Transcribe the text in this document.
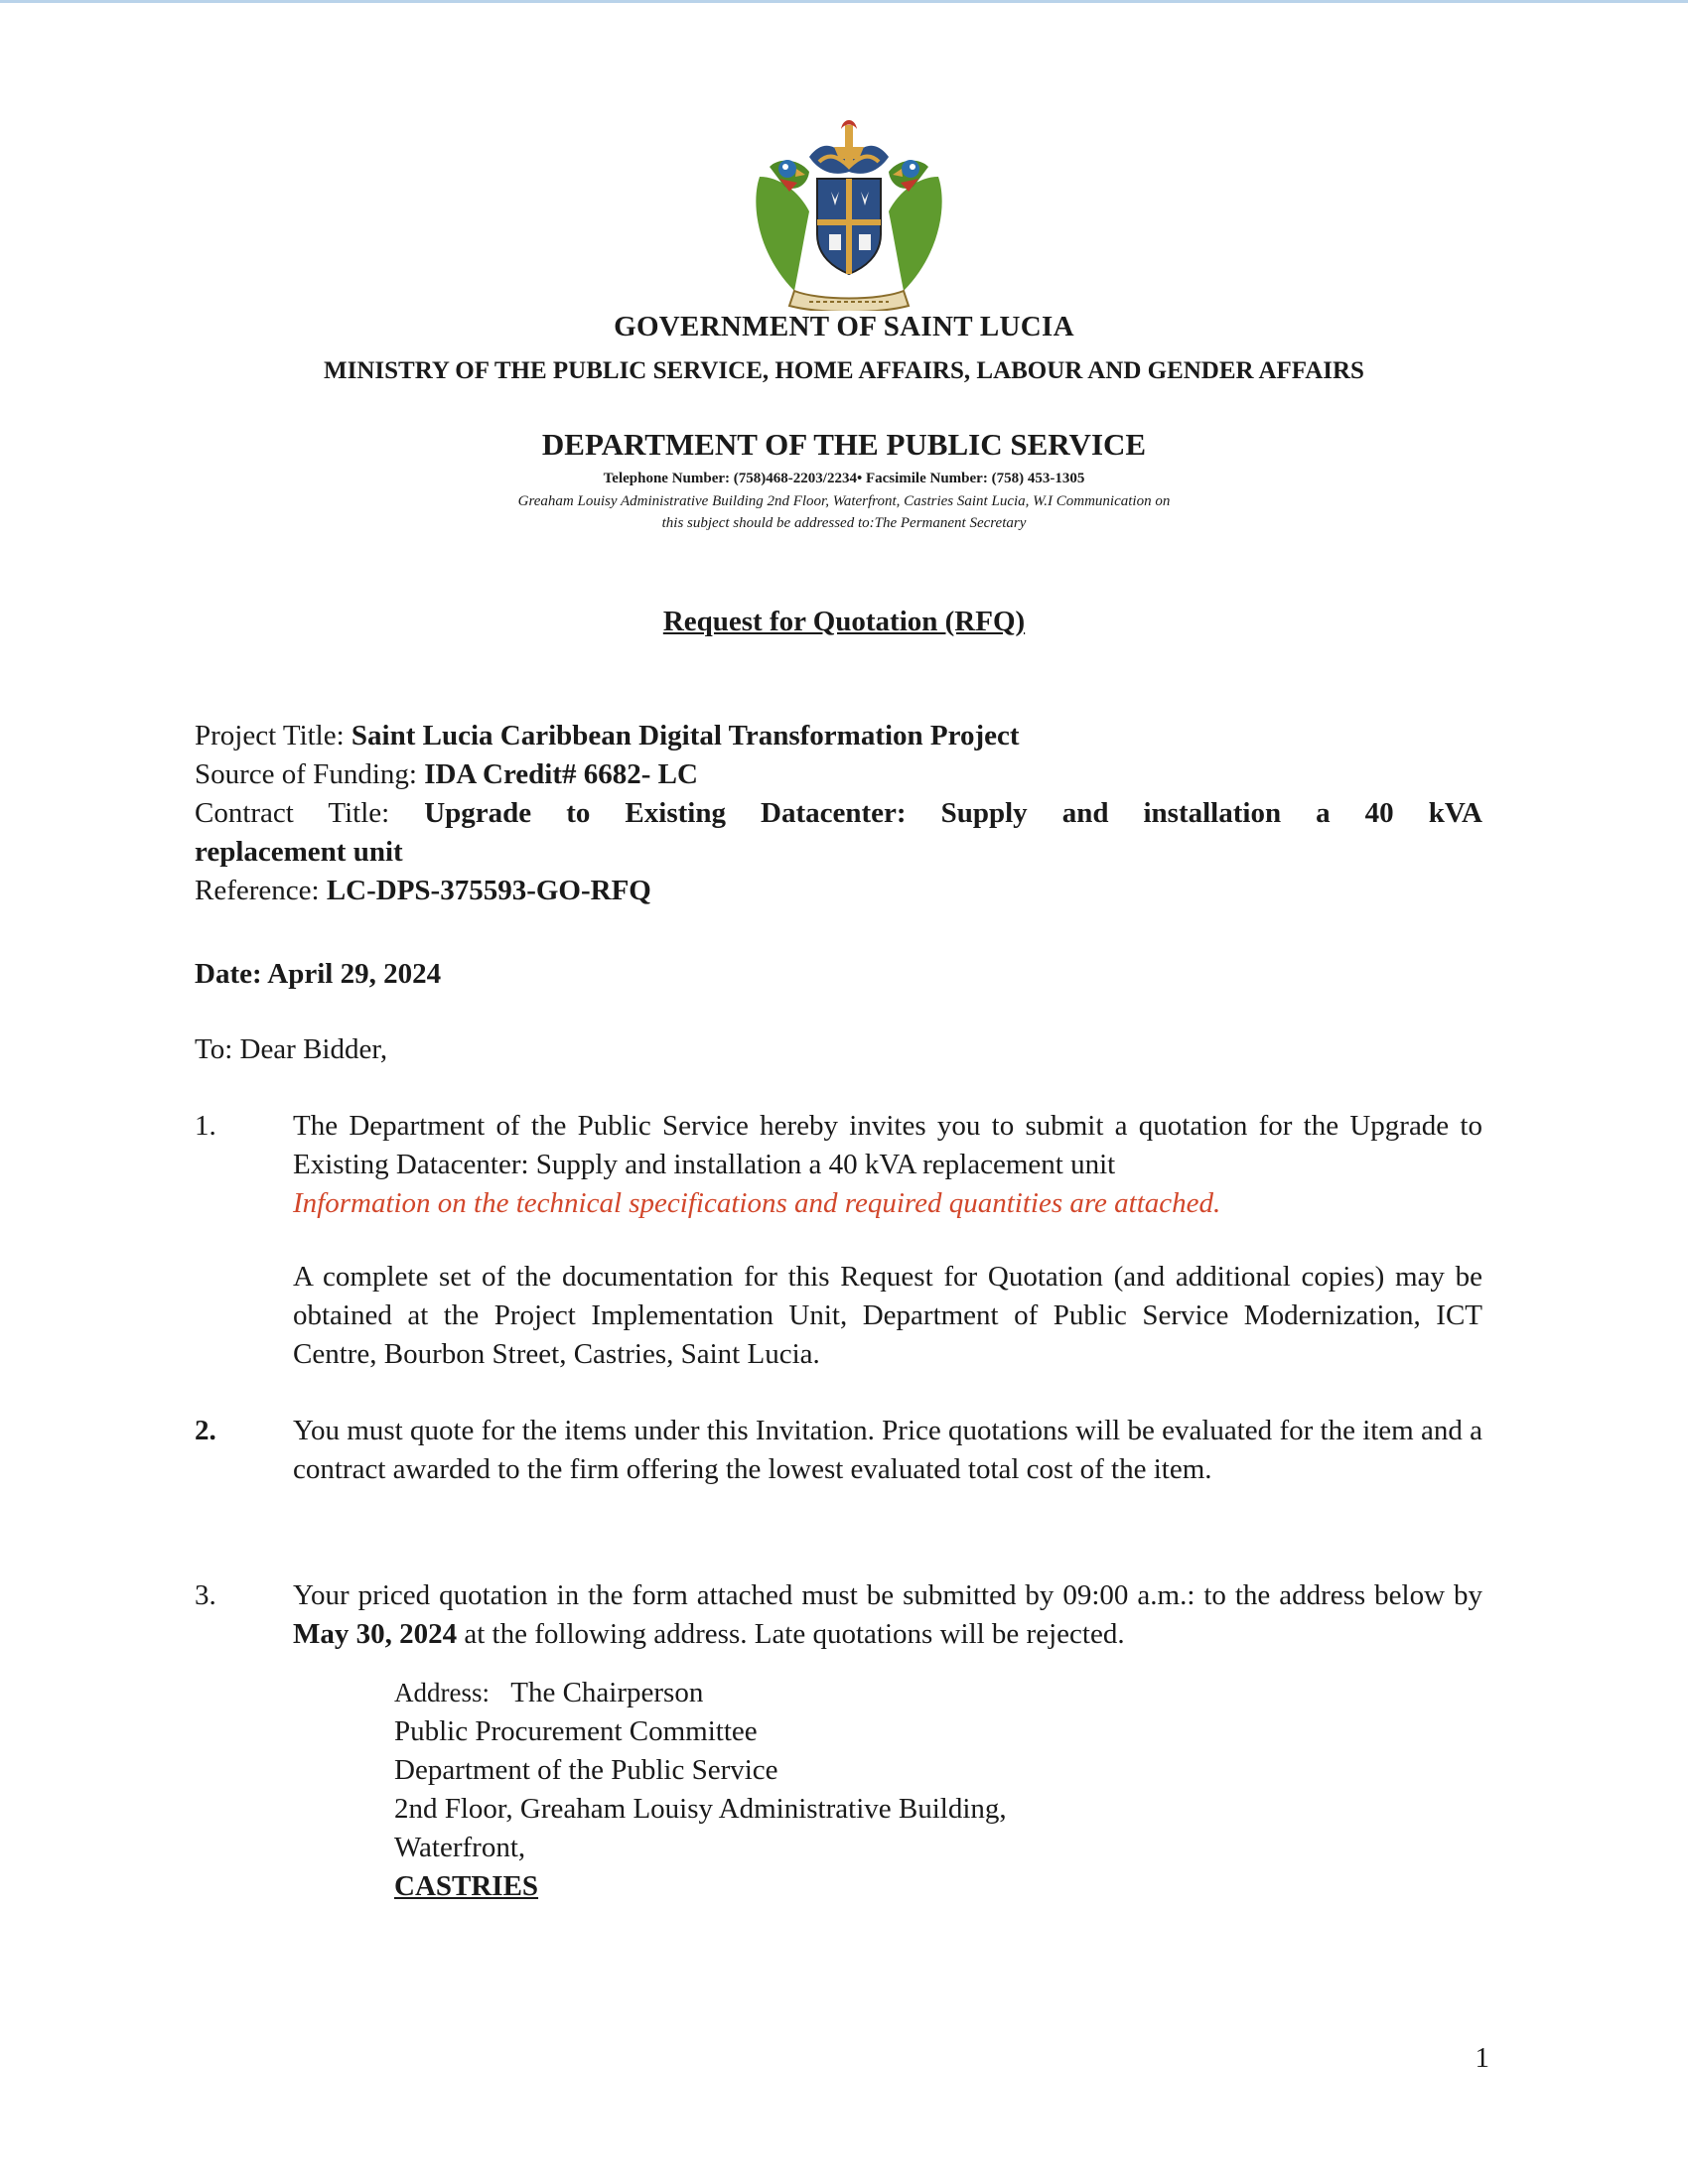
GOVERNMENT OF SAINT LUCIA
MINISTRY OF THE PUBLIC SERVICE, HOME AFFAIRS, LABOUR AND GENDER AFFAIRS
DEPARTMENT OF THE PUBLIC SERVICE
Telephone Number: (758)468-2203/2234• Facsimile Number: (758) 453-1305
Greaham Louisy Administrative Building 2nd Floor, Waterfront, Castries Saint Lucia, W.I Communication on this subject should be addressed to:The Permanent Secretary
Request for Quotation (RFQ)
Project Title: Saint Lucia Caribbean Digital Transformation Project
Source of Funding: IDA Credit# 6682- LC
Contract Title: Upgrade to Existing Datacenter: Supply and installation a 40 kVA
replacement unit
Reference: LC-DPS-375593-GO-RFQ
Date: April 29, 2024
To: Dear Bidder,
1.	The Department of the Public Service hereby invites you to submit a quotation for the Upgrade to Existing Datacenter: Supply and installation a 40 kVA replacement unit
Information on the technical specifications and required quantities are attached.
A complete set of the documentation for this Request for Quotation (and additional copies) may be obtained at the Project Implementation Unit, Department of Public Service Modernization, ICT Centre, Bourbon Street, Castries, Saint Lucia.
2.	You must quote for the items under this Invitation. Price quotations will be evaluated for the item and a contract awarded to the firm offering the lowest evaluated total cost of the item.
3.	Your priced quotation in the form attached must be submitted by 09:00 a.m.: to the address below by May 30, 2024 at the following address. Late quotations will be rejected.
Address: The Chairperson
Public Procurement Committee
Department of the Public Service
2nd Floor, Greaham Louisy Administrative Building,
Waterfront,
CASTRIES
1
